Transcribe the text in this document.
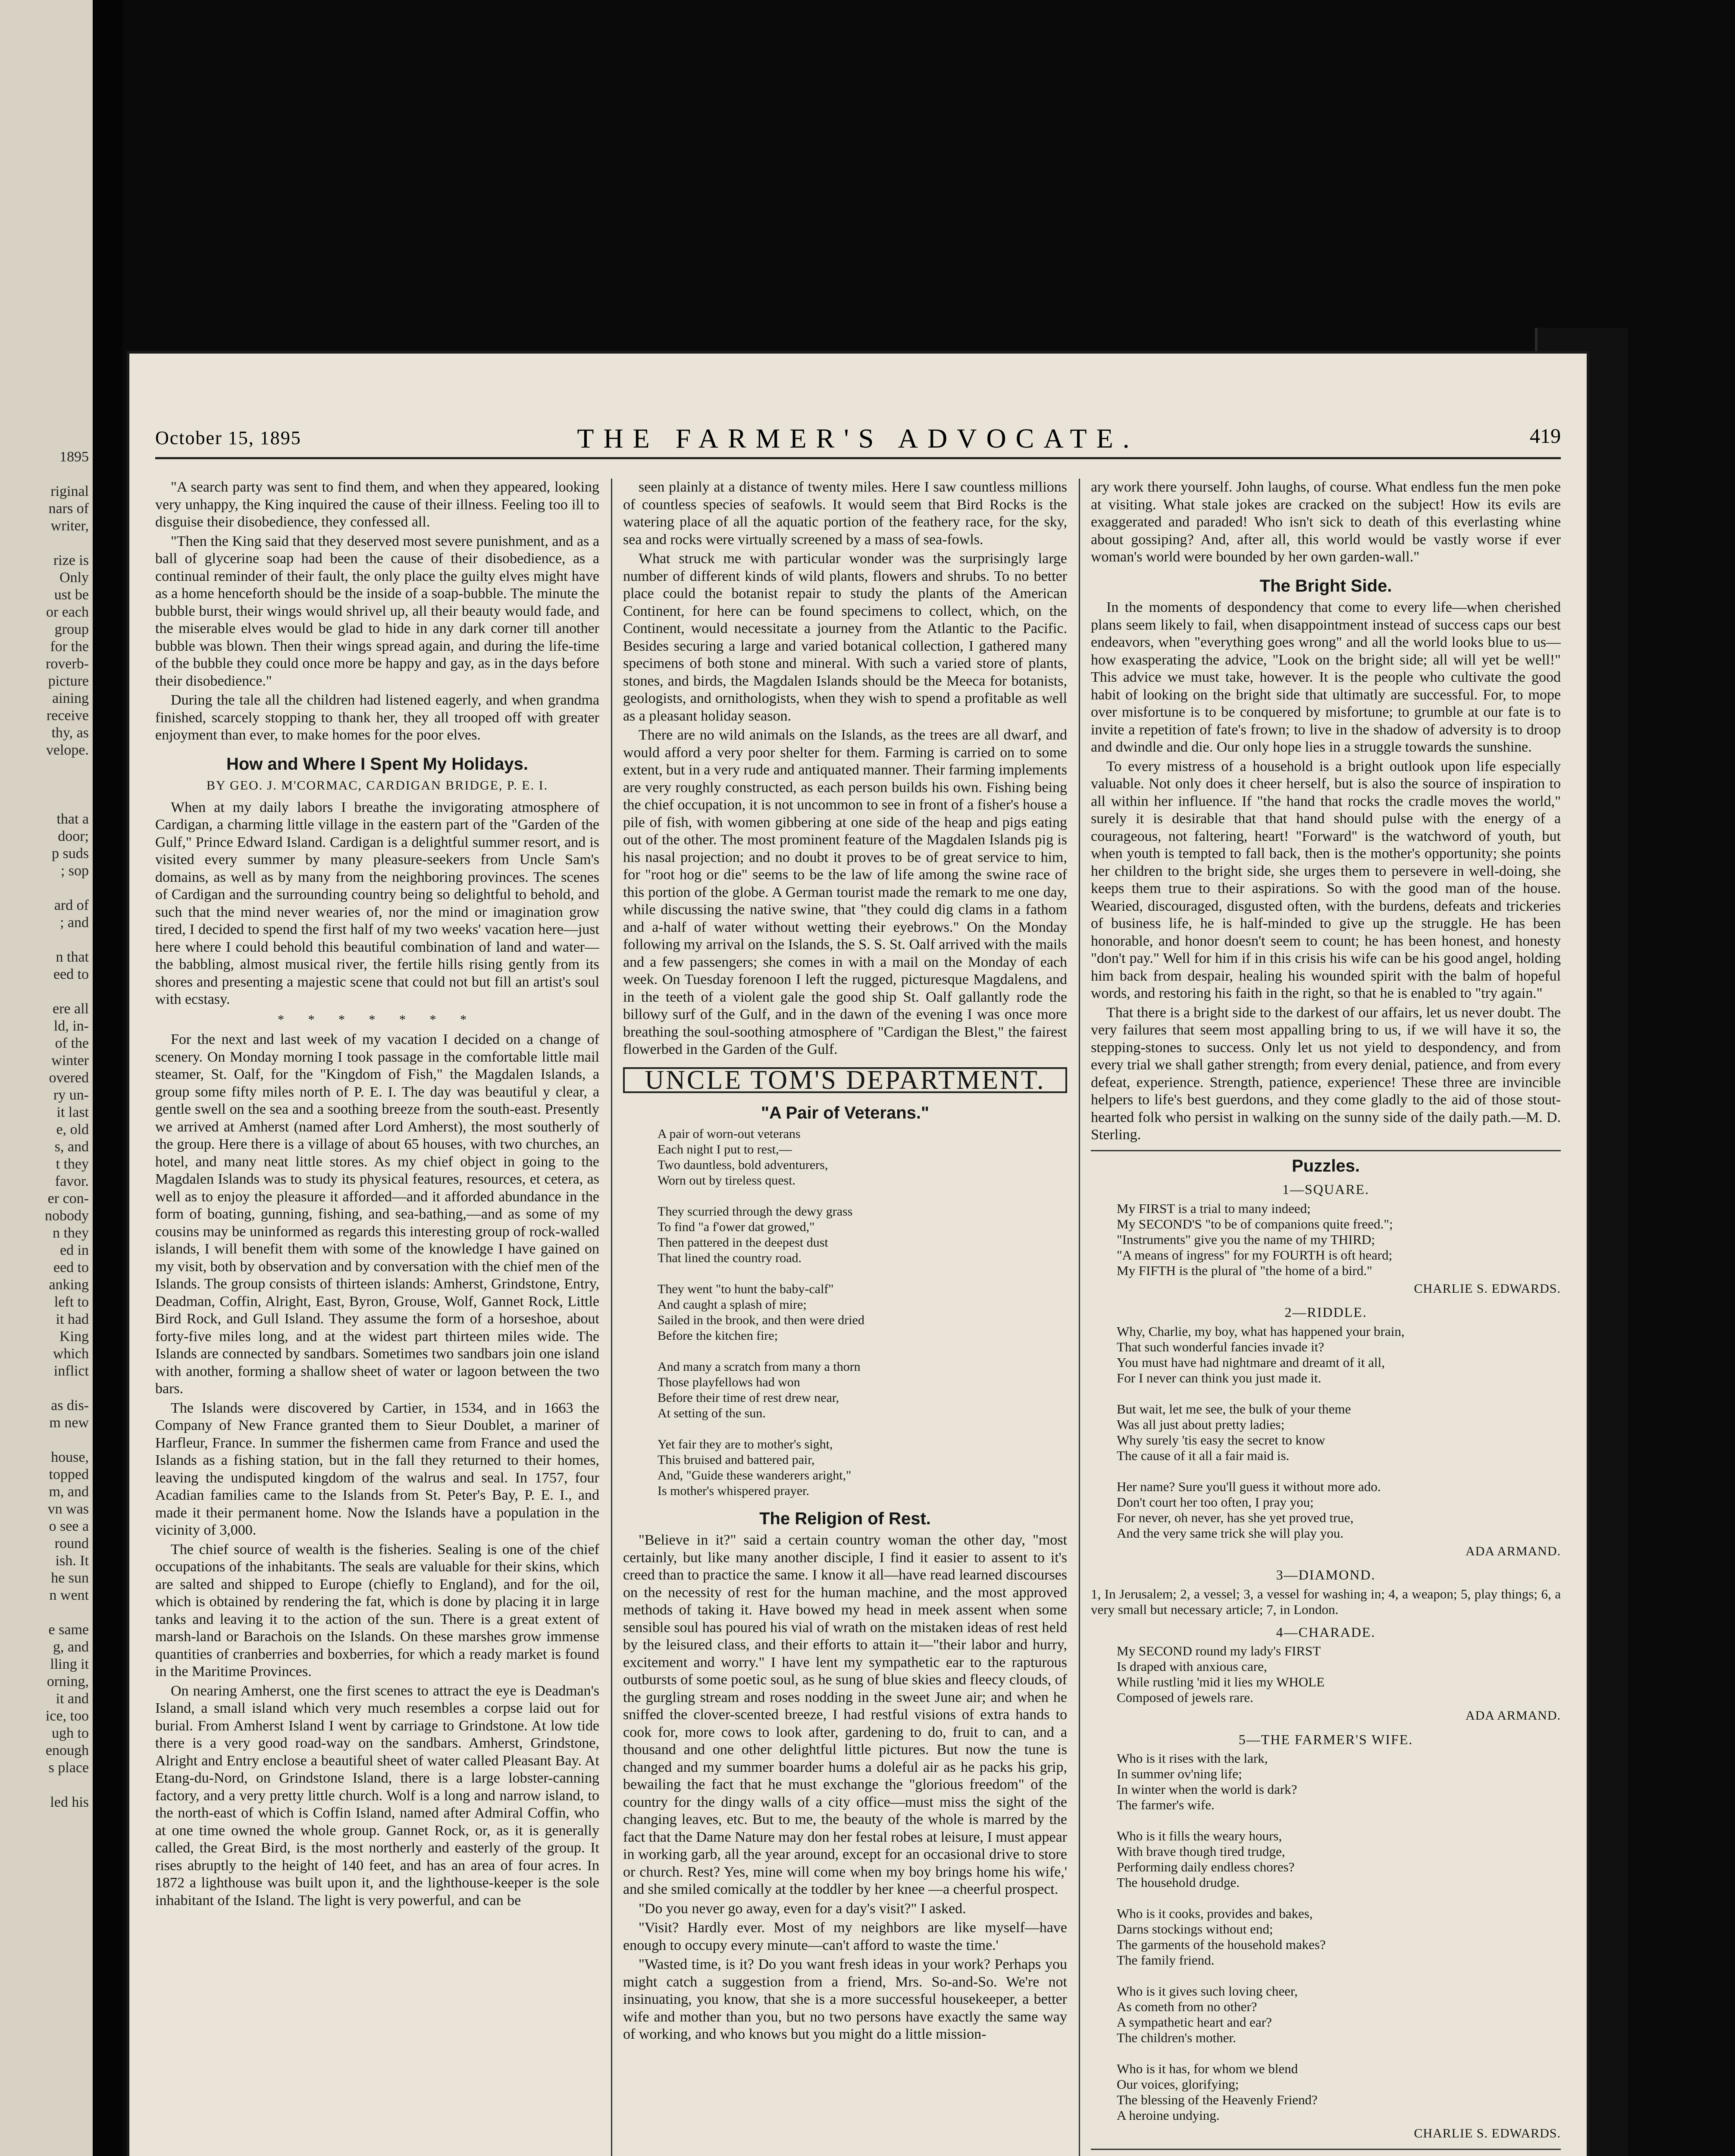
1895

riginal
nars of
writer,

rize is
Only
ust be
or each
group
for the
roverb-
picture
aining
receive
thy, as
velope.

that a
door;
p suds
; sop

ard of
; and

n that
eed to

ere all
ld, in-
of the
winter
overed
ry un-
it last
e, old
s, and
t they
favor.
er con-
nobody
n they
ed in
eed to
anking
left to
it had
King
which
inflict

as dis-
m new

house,
topped
m, and
vn was
o see a
round
ish. It
he sun
n went

e same
g, and
lling it
orning,
it and
ice, too
ugh to
enough
s place

led his
October 15, 1895	THE FARMER'S ADVOCATE.	419

"A search party was sent to find them, and when they appeared, looking very unhappy, the King inquired the cause of their illness. Feeling too ill to disguise their disobedience, they confessed all.

"Then the King said that they deserved most severe punishment, and as a ball of glycerine soap had been the cause of their disobedience, as a continual reminder of their fault, the only place the guilty elves might have as a home henceforth should be the inside of a soap-bubble. The minute the bubble burst, their wings would shrivel up, all their beauty would fade, and the miserable elves would be glad to hide in any dark corner till another bubble was blown. Then their wings spread again, and during the life-time of the bubble they could once more be happy and gay, as in the days before their disobedience."

During the tale all the children had listened eagerly, and when grandma finished, scarcely stopping to thank her, they all trooped off with greater enjoyment than ever, to make homes for the poor elves.

How and Where I Spent My Holidays.
BY GEO. J. M'CORMAC, CARDIGAN BRIDGE, P. E. I.

When at my daily labors I breathe the invigorating atmosphere of Cardigan, a charming little village in the eastern part of the "Garden of the Gulf," Prince Edward Island. Cardigan is a delightful summer resort, and is visited every summer by many pleasure-seekers from Uncle Sam's domains, as well as by many from the neighboring provinces. The scenes of Cardigan and the surrounding country being so delightful to behold, and such that the mind never wearies of, nor the mind or imagination grow tired, I decided to spend the first half of my two weeks' vacation here—just here where I could behold this beautiful combination of land and water—the babbling, almost musical river, the fertile hills rising gently from its shores and presenting a majestic scene that could not but fill an artist's soul with ecstasy.

* * * * * * *

For the next and last week of my vacation I decided on a change of scenery. On Monday morning I took passage in the comfortable little mail steamer, St. Oalf, for the "Kingdom of Fish," the Magdalen Islands, a group some fifty miles north of P. E. I. The day was beautiful y clear, a gentle swell on the sea and a soothing breeze from the south-east. Presently we arrived at Amherst (named after Lord Amherst), the most southerly of the group. Here there is a village of about 65 houses, with two churches, an hotel, and many neat little stores. As my chief object in going to the Magdalen Islands was to study its physical features, resources, et cetera, as well as to enjoy the pleasure it afforded—and it afforded abundance in the form of boating, gunning, fishing, and sea-bathing,—and as some of my cousins may be uninformed as regards this interesting group of rock-walled islands, I will benefit them with some of the knowledge I have gained on my visit, both by observation and by conversation with the chief men of the Islands. The group consists of thirteen islands: Amherst, Grindstone, Entry, Deadman, Coffin, Alright, East, Byron, Grouse, Wolf, Gannet Rock, Little Bird Rock, and Gull Island. They assume the form of a horseshoe, about forty-five miles long, and at the widest part thirteen miles wide. The Islands are connected by sandbars. Sometimes two sandbars join one island with another, forming a shallow sheet of water or lagoon between the two bars.

The Islands were discovered by Cartier, in 1534, and in 1663 the Company of New France granted them to Sieur Doublet, a mariner of Harfleur, France. In summer the fishermen came from France and used the Islands as a fishing station, but in the fall they returned to their homes, leaving the undisputed kingdom of the walrus and seal. In 1757, four Acadian families came to the Islands from St. Peter's Bay, P. E. I., and made it their permanent home. Now the Islands have a population in the vicinity of 3,000.

The chief source of wealth is the fisheries. Sealing is one of the chief occupations of the inhabitants. The seals are valuable for their skins, which are salted and shipped to Europe (chiefly to England), and for the oil, which is obtained by rendering the fat, which is done by placing it in large tanks and leaving it to the action of the sun. There is a great extent of marsh-land or Barachois on the Islands. On these marshes grow immense quantities of cranberries and boxberries, for which a ready market is found in the Maritime Provinces.

On nearing Amherst, one the first scenes to attract the eye is Deadman's Island, a small island which very much resembles a corpse laid out for burial. From Amherst Island I went by carriage to Grindstone. At low tide there is a very good road-way on the sandbars. Amherst, Grindstone, Alright and Entry enclose a beautiful sheet of water called Pleasant Bay. At Etang-du-Nord, on Grindstone Island, there is a large lobster-canning factory, and a very pretty little church. Wolf is a long and narrow island, to the north-east of which is Coffin Island, named after Admiral Coffin, who at one time owned the whole group. Gannet Rock, or, as it is generally called, the Great Bird, is the most northerly and easterly of the group. It rises abruptly to the height of 140 feet, and has an area of four acres. In 1872 a lighthouse was built upon it, and the lighthouse-keeper is the sole inhabitant of the Island. The light is very powerful, and can be

seen plainly at a distance of twenty miles. Here I saw countless millions of countless species of seafowls. It would seem that Bird Rocks is the watering place of all the aquatic portion of the feathery race, for the sky, sea and rocks were virtually screened by a mass of sea-fowls.

What struck me with particular wonder was the surprisingly large number of different kinds of wild plants, flowers and shrubs. To no better place could the botanist repair to study the plants of the American Continent, for here can be found specimens to collect, which, on the Continent, would necessitate a journey from the Atlantic to the Pacific. Besides securing a large and varied botanical collection, I gathered many specimens of both stone and mineral. With such a varied store of plants, stones, and birds, the Magdalen Islands should be the Meeca for botanists, geologists, and ornithologists, when they wish to spend a profitable as well as a pleasant holiday season.

There are no wild animals on the Islands, as the trees are all dwarf, and would afford a very poor shelter for them. Farming is carried on to some extent, but in a very rude and antiquated manner. Their farming implements are very roughly constructed, as each person builds his own. Fishing being the chief occupation, it is not uncommon to see in front of a fisher's house a pile of fish, with women gibbering at one side of the heap and pigs eating out of the other. The most prominent feature of the Magdalen Islands pig is his nasal projection; and no doubt it proves to be of great service to him, for "root hog or die" seems to be the law of life among the swine race of this portion of the globe. A German tourist made the remark to me one day, while discussing the native swine, that "they could dig clams in a fathom and a-half of water without wetting their eyebrows." On the Monday following my arrival on the Islands, the S. S. St. Oalf arrived with the mails and a few passengers; she comes in with a mail on the Monday of each week. On Tuesday forenoon I left the rugged, picturesque Magdalens, and in the teeth of a violent gale the good ship St. Oalf gallantly rode the billowy surf of the Gulf, and in the dawn of the evening I was once more breathing the soul-soothing atmosphere of "Cardigan the Blest," the fairest flowerbed in the Garden of the Gulf.

UNCLE TOM'S DEPARTMENT.
"A Pair of Veterans."
A pair of worn-out veterans
Each night I put to rest,—
Two dauntless, bold adventurers,
Worn out by tireless quest.

They scurried through the dewy grass
To find "a f'ower dat growed,"
Then pattered in the deepest dust
That lined the country road.

They went "to hunt the baby-calf"
And caught a splash of mire;
Sailed in the brook, and then were dried
Before the kitchen fire;

And many a scratch from many a thorn
Those playfellows had won
Before their time of rest drew near,
At setting of the sun.

Yet fair they are to mother's sight,
This bruised and battered pair,
And, "Guide these wanderers aright,"
Is mother's whispered prayer.
The Religion of Rest.

"Believe in it?" said a certain country woman the other day, "most certainly, but like many another disciple, I find it easier to assent to it's creed than to practice the same. I know it all—have read learned discourses on the necessity of rest for the human machine, and the most approved methods of taking it. Have bowed my head in meek assent when some sensible soul has poured his vial of wrath on the mistaken ideas of rest held by the leisured class, and their efforts to attain it—"their labor and hurry, excitement and worry." I have lent my sympathetic ear to the rapturous outbursts of some poetic soul, as he sung of blue skies and fleecy clouds, of the gurgling stream and roses nodding in the sweet June air; and when he sniffed the clover-scented breeze, I had restful visions of extra hands to cook for, more cows to look after, gardening to do, fruit to can, and a thousand and one other delightful little pictures. But now the tune is changed and my summer boarder hums a doleful air as he packs his grip, bewailing the fact that he must exchange the "glorious freedom" of the country for the dingy walls of a city office—must miss the sight of the changing leaves, etc. But to me, the beauty of the whole is marred by the fact that the Dame Nature may don her festal robes at leisure, I must appear in working garb, all the year around, except for an occasional drive to store or church. Rest? Yes, mine will come when my boy brings home his wife,' and she smiled comically at the toddler by her knee —a cheerful prospect.

"Do you never go away, even for a day's visit?" I asked.

"Visit? Hardly ever. Most of my neighbors are like myself—have enough to occupy every minute—can't afford to waste the time.'

"Wasted time, is it? Do you want fresh ideas in your work? Perhaps you might catch a suggestion from a friend, Mrs. So-and-So. We're not insinuating, you know, that she is a more successful housekeeper, a better wife and mother than you, but no two persons have exactly the same way of working, and who knows but you might do a little mission-

ary work there yourself. John laughs, of course. What endless fun the men poke at visiting. What stale jokes are cracked on the subject! How its evils are exaggerated and paraded! Who isn't sick to death of this everlasting whine about gossiping? And, after all, this world would be vastly worse if ever woman's world were bounded by her own garden-wall."

The Bright Side.

In the moments of despondency that come to every life—when cherished plans seem likely to fail, when disappointment instead of success caps our best endeavors, when "everything goes wrong" and all the world looks blue to us—how exasperating the advice, "Look on the bright side; all will yet be well!" This advice we must take, however. It is the people who cultivate the good habit of looking on the bright side that ultimatly are successful. For, to mope over misfortune is to be conquered by misfortune; to grumble at our fate is to invite a repetition of fate's frown; to live in the shadow of adversity is to droop and dwindle and die. Our only hope lies in a struggle towards the sunshine.

To every mistress of a household is a bright outlook upon life especially valuable. Not only does it cheer herself, but is also the source of inspiration to all within her influence. If "the hand that rocks the cradle moves the world," surely it is desirable that that hand should pulse with the energy of a courageous, not faltering, heart! "Forward" is the watchword of youth, but when youth is tempted to fall back, then is the mother's opportunity; she points her children to the bright side, she urges them to persevere in well-doing, she keeps them true to their aspirations. So with the good man of the house. Wearied, discouraged, disgusted often, with the burdens, defeats and trickeries of business life, he is half-minded to give up the struggle. He has been honorable, and honor doesn't seem to count; he has been honest, and honesty "don't pay." Well for him if in this crisis his wife can be his good angel, holding him back from despair, healing his wounded spirit with the balm of hopeful words, and restoring his faith in the right, so that he is enabled to "try again."

That there is a bright side to the darkest of our affairs, let us never doubt. The very failures that seem most appalling bring to us, if we will have it so, the stepping-stones to success. Only let us not yield to despondency, and from every trial we shall gather strength; from every denial, patience, and from every defeat, experience. Strength, patience, experience! These three are invincible helpers to life's best guerdons, and they come gladly to the aid of those stout-hearted folk who persist in walking on the sunny side of the daily path.—M. D. Sterling.

Puzzles.
1—SQUARE.
My FIRST is a trial to many indeed;
My SECOND'S "to be of companions quite freed.";
"Instruments" give you the name of my THIRD;
"A means of ingress" for my FOURTH is oft heard;
My FIFTH is the plural of "the home of a bird."
CHARLIE S. EDWARDS.
2—RIDDLE.
Why, Charlie, my boy, what has happened your brain,
That such wonderful fancies invade it?
You must have had nightmare and dreamt of it all,
For I never can think you just made it.

But wait, let me see, the bulk of your theme
Was all just about pretty ladies;
Why surely 'tis easy the secret to know
The cause of it all a fair maid is.

Her name? Sure you'll guess it without more ado.
Don't court her too often, I pray you;
For never, oh never, has she yet proved true,
And the very same trick she will play you.
ADA ARMAND.
3—DIAMOND.
1, In Jerusalem; 2, a vessel; 3, a vessel for washing in; 4, a weapon; 5, play things; 6, a very small but necessary article; 7, in London.
4—CHARADE.
My SECOND round my lady's FIRST
Is draped with anxious care,
While rustling 'mid it lies my WHOLE
Composed of jewels rare.
ADA ARMAND.
5—THE FARMER'S WIFE.
Who is it rises with the lark,
In summer ov'ning life;
In winter when the world is dark?
The farmer's wife.

Who is it fills the weary hours,
With brave though tired trudge,
Performing daily endless chores?
The household drudge.

Who is it cooks, provides and bakes,
Darns stockings without end;
The garments of the household makes?
The family friend.

Who is it gives such loving cheer,
As cometh from no other?
A sympathetic heart and ear?
The children's mother.

Who is it has, for whom we blend
Our voices, glorifying;
The blessing of the Heavenly Friend?
A heroine undying.
CHARLIE S. EDWARDS.
